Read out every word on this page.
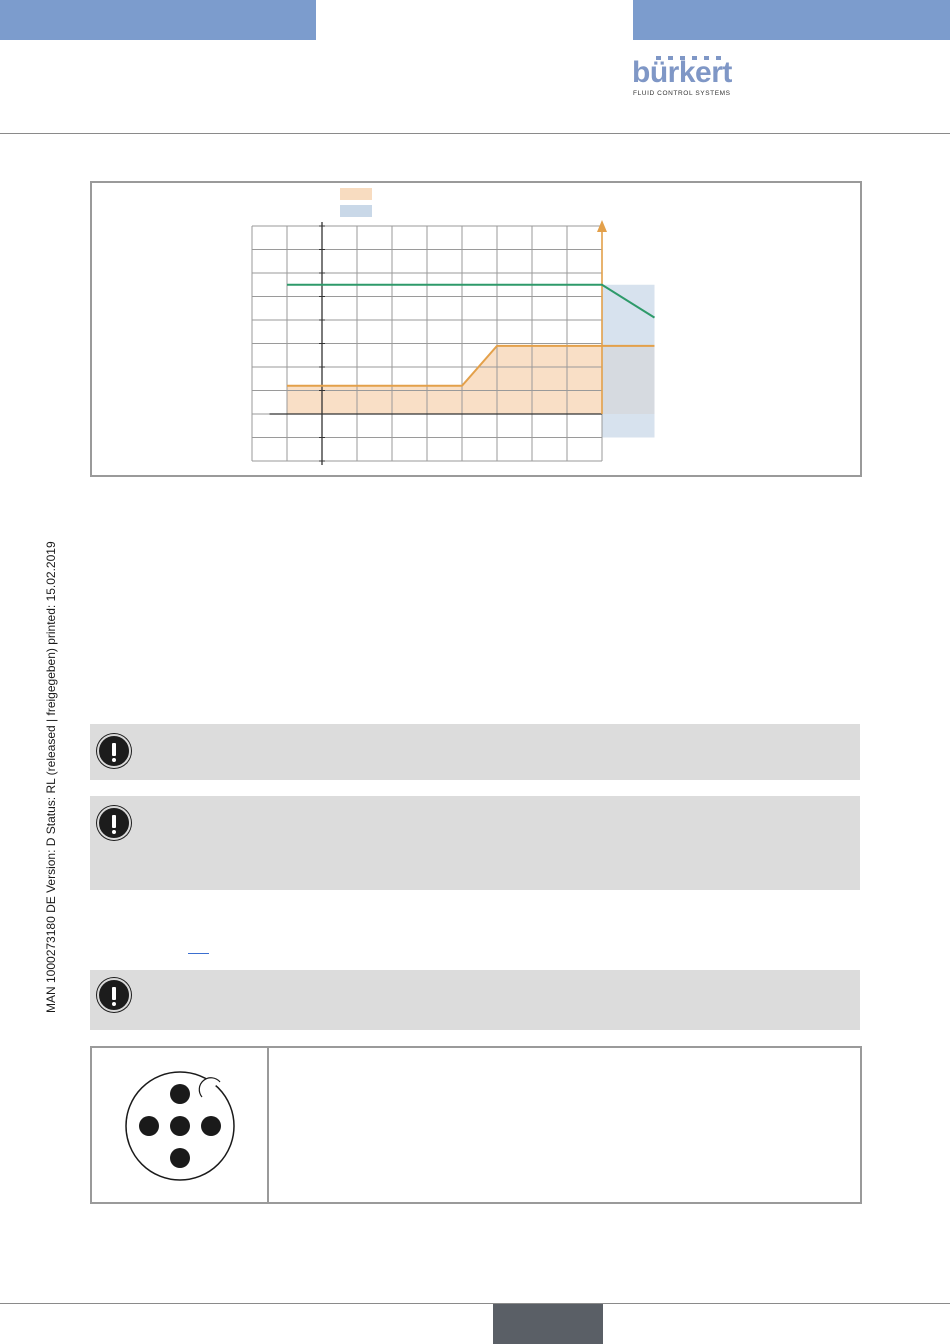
bürkert
FLUID CONTROL SYSTEMS
MAN 1000273180 DE Version: D Status: RL (released | freigegeben) printed: 15.02.2019
